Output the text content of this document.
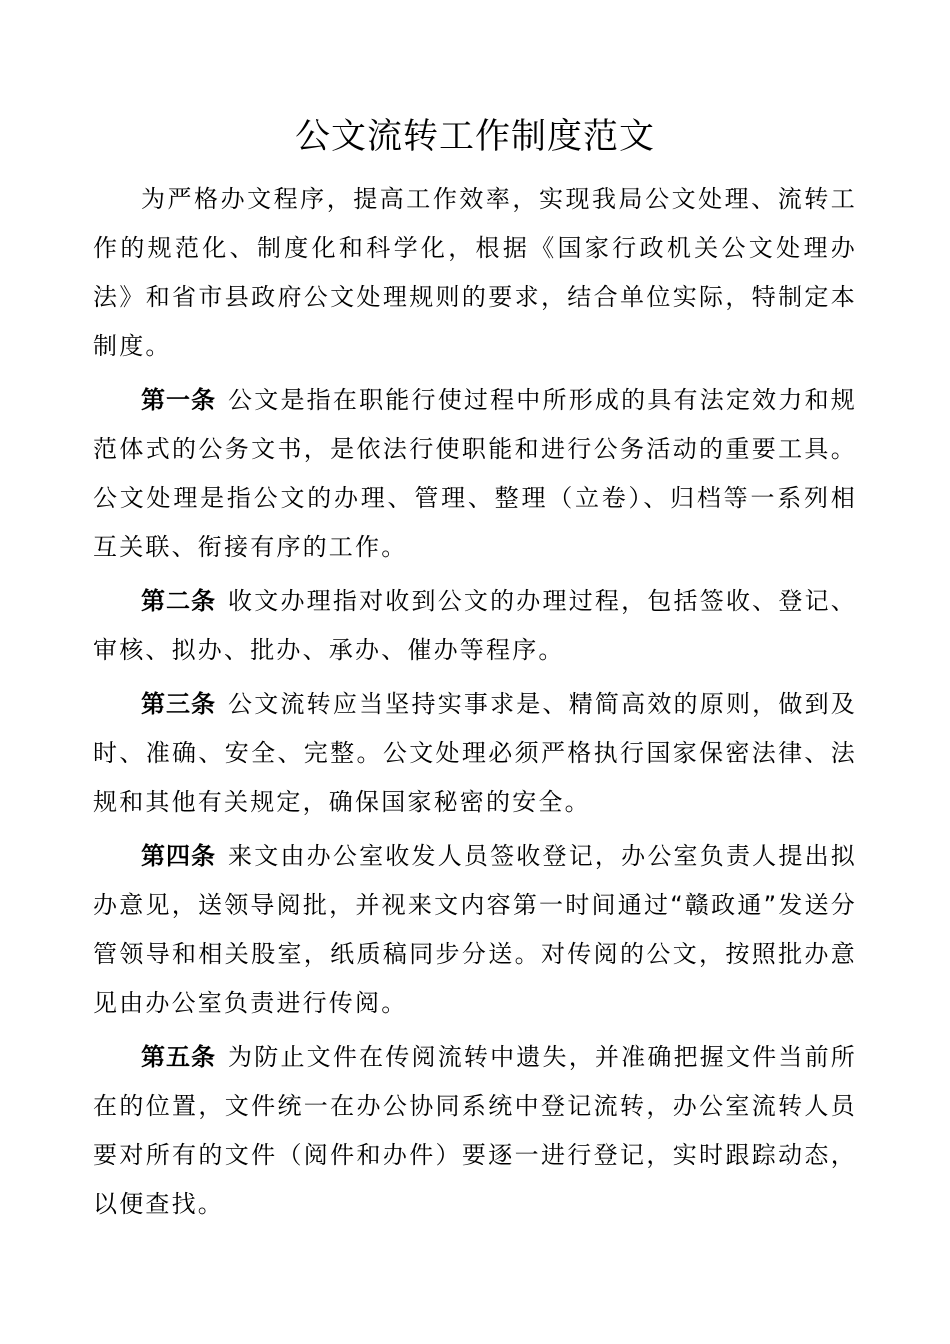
公文流转工作制度范文

为严格办文程序，提高工作效率，实现我局公文处理、流转工作的规范化、制度化和科学化，根据《国家行政机关公文处理办法》和省市县政府公文处理规则的要求，结合单位实际，特制定本制度。

第一条 公文是指在职能行使过程中所形成的具有法定效力和规范体式的公务文书，是依法行使职能和进行公务活动的重要工具。公文处理是指公文的办理、管理、整理（立卷）、归档等一系列相互关联、衔接有序的工作。

第二条 收文办理指对收到公文的办理过程，包括签收、登记、审核、拟办、批办、承办、催办等程序。

第三条 公文流转应当坚持实事求是、精简高效的原则，做到及时、准确、安全、完整。公文处理必须严格执行国家保密法律、法规和其他有关规定，确保国家秘密的安全。

第四条 来文由办公室收发人员签收登记，办公室负责人提出拟办意见，送领导阅批，并视来文内容第一时间通过“赣政通”发送分管领导和相关股室，纸质稿同步分送。对传阅的公文，按照批办意见由办公室负责进行传阅。

第五条 为防止文件在传阅流转中遗失，并准确把握文件当前所在的位置，文件统一在办公协同系统中登记流转，办公室流转人员要对所有的文件（阅件和办件）要逐一进行登记，实时跟踪动态，以便查找。
